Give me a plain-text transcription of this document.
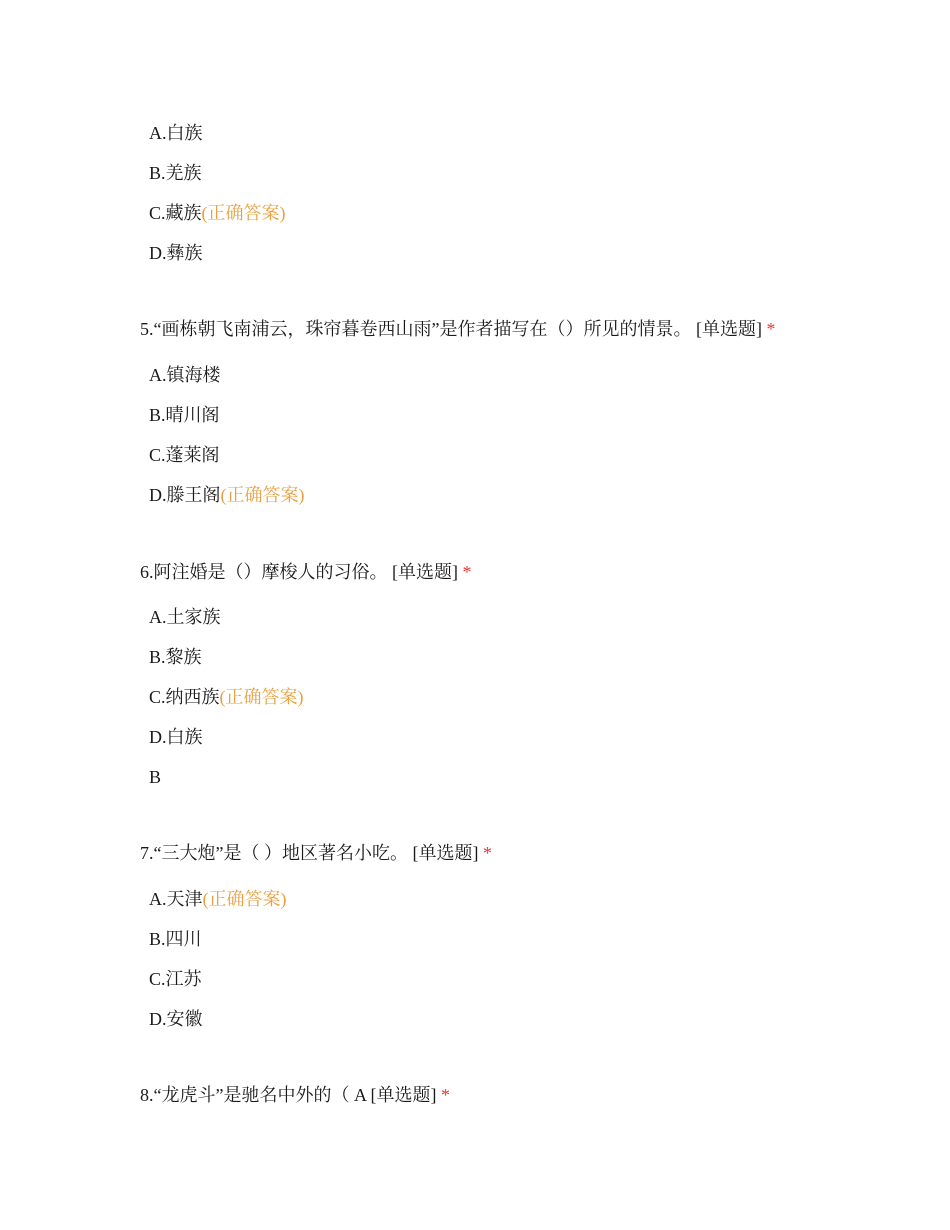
A.白族
B.羌族
C.藏族(正确答案)
D.彝族
5.“画栋朝飞南浦云，珠帘暮卷西山雨”是作者描写在（）所见的情景。 [单选题] *
A.镇海楼
B.晴川阁
C.蓬莱阁
D.滕王阁(正确答案)
6.阿注婚是（）摩梭人的习俗。 [单选题] *
A.土家族
B.黎族
C.纳西族(正确答案)
D.白族
B
7.“三大炮”是（ ）地区著名小吃。 [单选题] *
A.天津(正确答案)
B.四川
C.江苏
D.安徽
8.“龙虎斗”是驰名中外的（ A [单选题] *
